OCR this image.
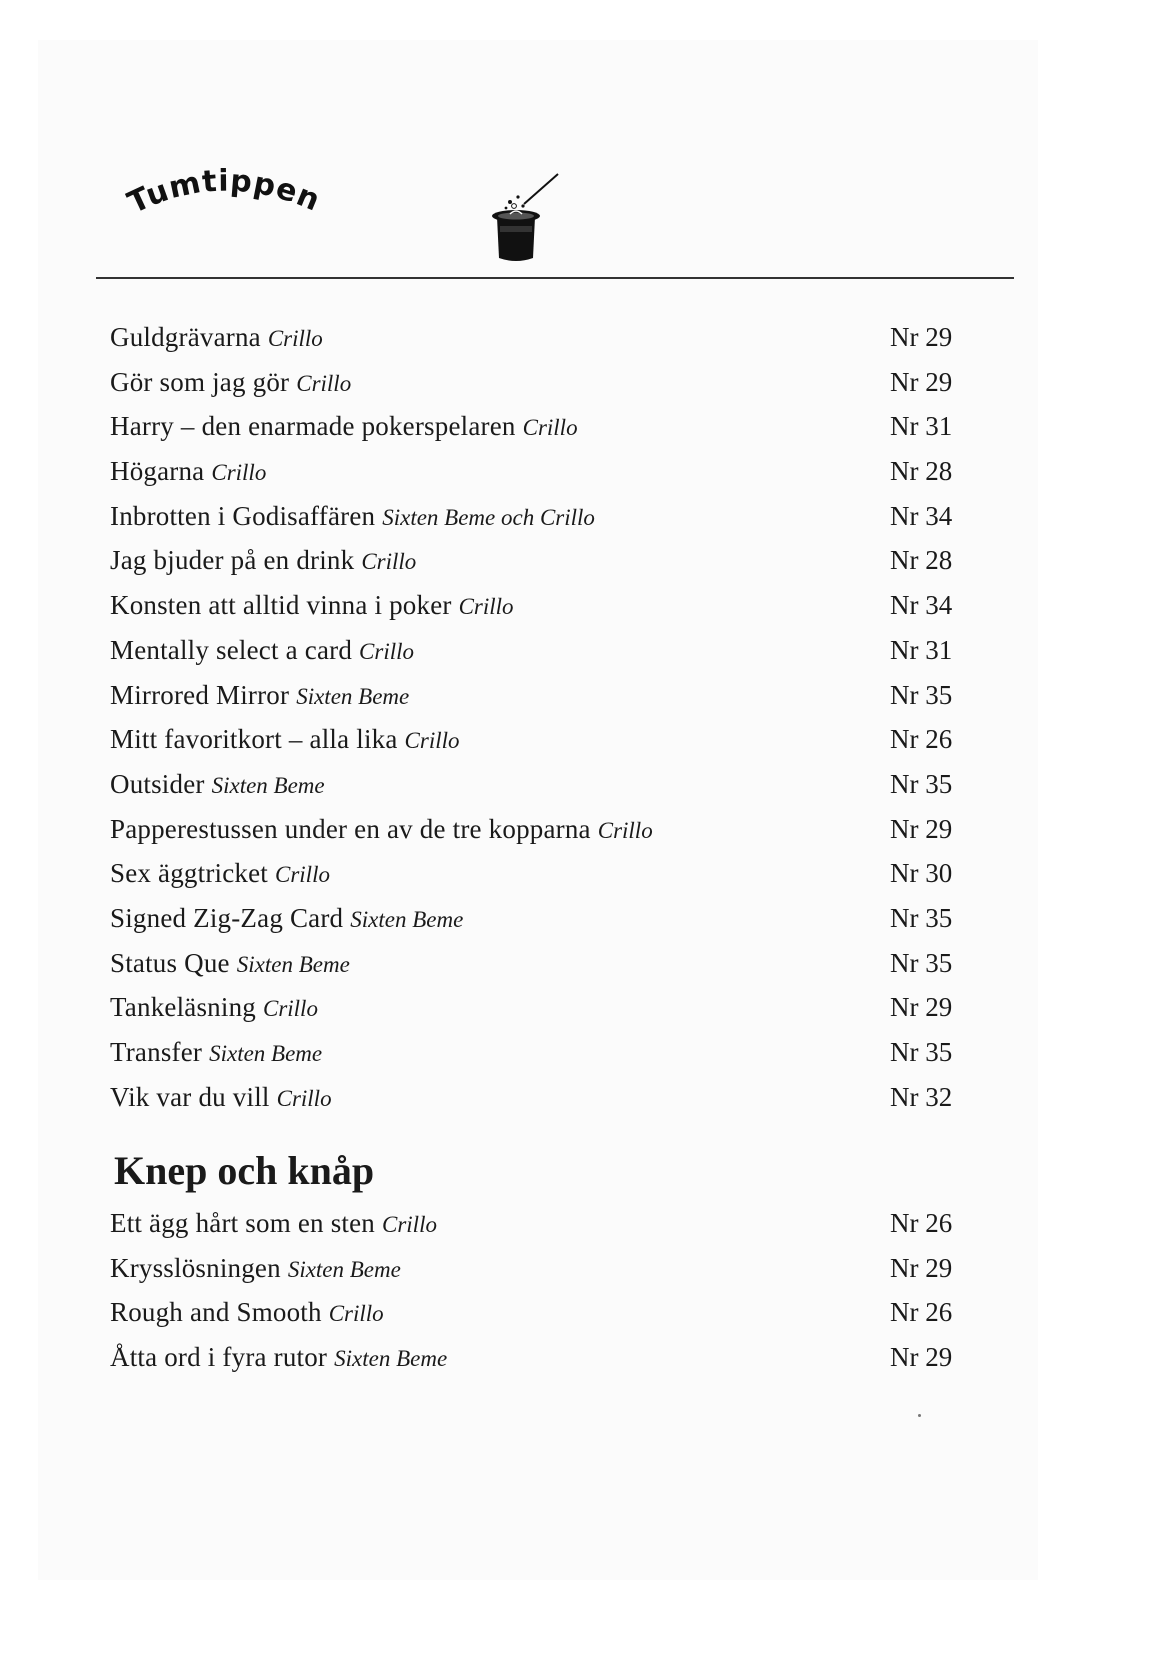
Tumtippen
Guldgrävarna Crillo	Nr 29
Gör som jag gör Crillo	Nr 29
Harry – den enarmade pokerspelaren Crillo	Nr 31
Högarna Crillo	Nr 28
Inbrotten i Godisaffären Sixten Beme och Crillo	Nr 34
Jag bjuder på en drink Crillo	Nr 28
Konsten att alltid vinna i poker Crillo	Nr 34
Mentally select a card Crillo	Nr 31
Mirrored Mirror Sixten Beme	Nr 35
Mitt favoritkort – alla lika Crillo	Nr 26
Outsider Sixten Beme	Nr 35
Papperestussen under en av de tre kopparna Crillo	Nr 29
Sex äggtricket Crillo	Nr 30
Signed Zig-Zag Card Sixten Beme	Nr 35
Status Que Sixten Beme	Nr 35
Tankeläsning Crillo	Nr 29
Transfer Sixten Beme	Nr 35
Vik var du vill Crillo	Nr 32
Knep och knåp
Ett ägg hårt som en sten Crillo	Nr 26
Krysslösningen Sixten Beme	Nr 29
Rough and Smooth Crillo	Nr 26
Åtta ord i fyra rutor Sixten Beme	Nr 29
